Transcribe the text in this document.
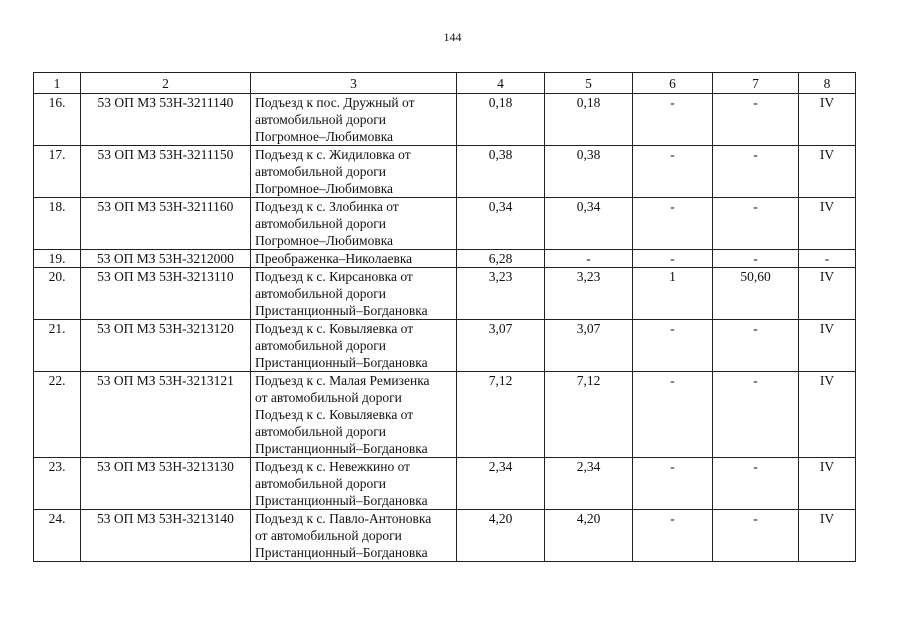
144
1	2	3	4	5	6	7	8
16.	53 ОП МЗ 53Н-3211140	Подъезд к пос. Дружный от
автомобильной дороги
Погромное–Любимовка	0,18	0,18	-	-	IV
17.	53 ОП МЗ 53Н-3211150	Подъезд к с. Жидиловка от
автомобильной дороги
Погромное–Любимовка	0,38	0,38	-	-	IV
18.	53 ОП МЗ 53Н-3211160	Подъезд к с. Злобинка от
автомобильной дороги
Погромное–Любимовка	0,34	0,34	-	-	IV
19.	53 ОП МЗ 53Н-3212000	Преображенка–Николаевка	6,28	-	-	-	-
20.	53 ОП МЗ 53Н-3213110	Подъезд к с. Кирсановка от
автомобильной дороги
Пристанционный–Богдановка	3,23	3,23	1	50,60	IV
21.	53 ОП МЗ 53Н-3213120	Подъезд к с. Ковыляевка от
автомобильной дороги
Пристанционный–Богдановка	3,07	3,07	-	-	IV
22.	53 ОП МЗ 53Н-3213121	Подъезд к с. Малая Ремизенка
от автомобильной дороги
Подъезд к с. Ковыляевка от
автомобильной дороги
Пристанционный–Богдановка	7,12	7,12	-	-	IV
23.	53 ОП МЗ 53Н-3213130	Подъезд к с. Невежкино от
автомобильной дороги
Пристанционный–Богдановка	2,34	2,34	-	-	IV
24.	53 ОП МЗ 53Н-3213140	Подъезд к с. Павло-Антоновка
от автомобильной дороги
Пристанционный–Богдановка	4,20	4,20	-	-	IV
